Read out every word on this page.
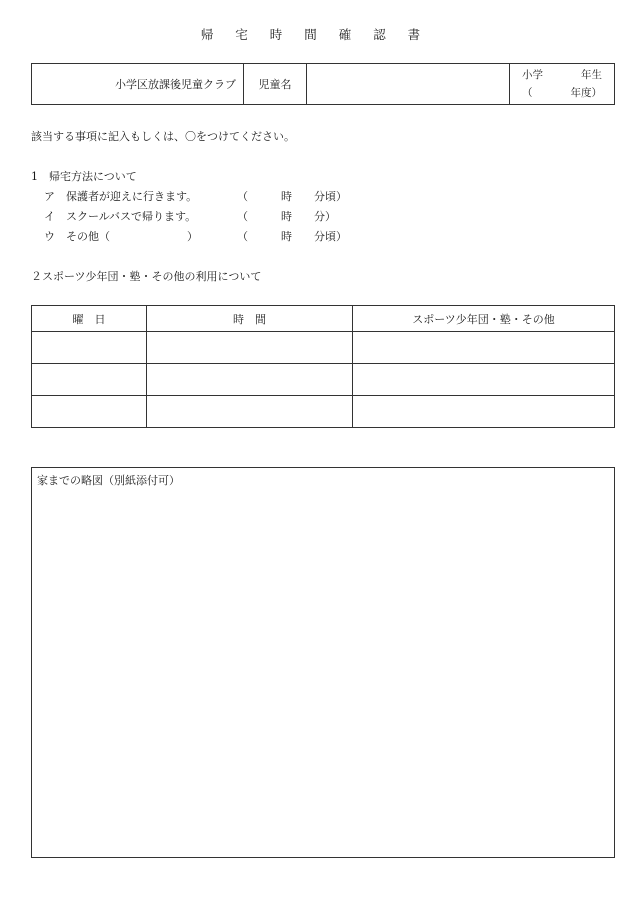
帰 宅 時 間 確 認 書
小学区放課後児童クラブ	児童名		
小学	年生
（	年度）
該当する事項に記入もしくは、〇をつけてください。
1　帰宅方法について
ア 保護者が迎えに行きます。	（　　　時　　分頃）
イ スクールバスで帰ります。	（　　　時　　分）
ウ その他（　　　　　　　）	（　　　時　　分頃）
２スポーツ少年団・塾・その他の利用について
曜　日	時　間	スポーツ少年団・塾・その他

家までの略図（別紙添付可）
